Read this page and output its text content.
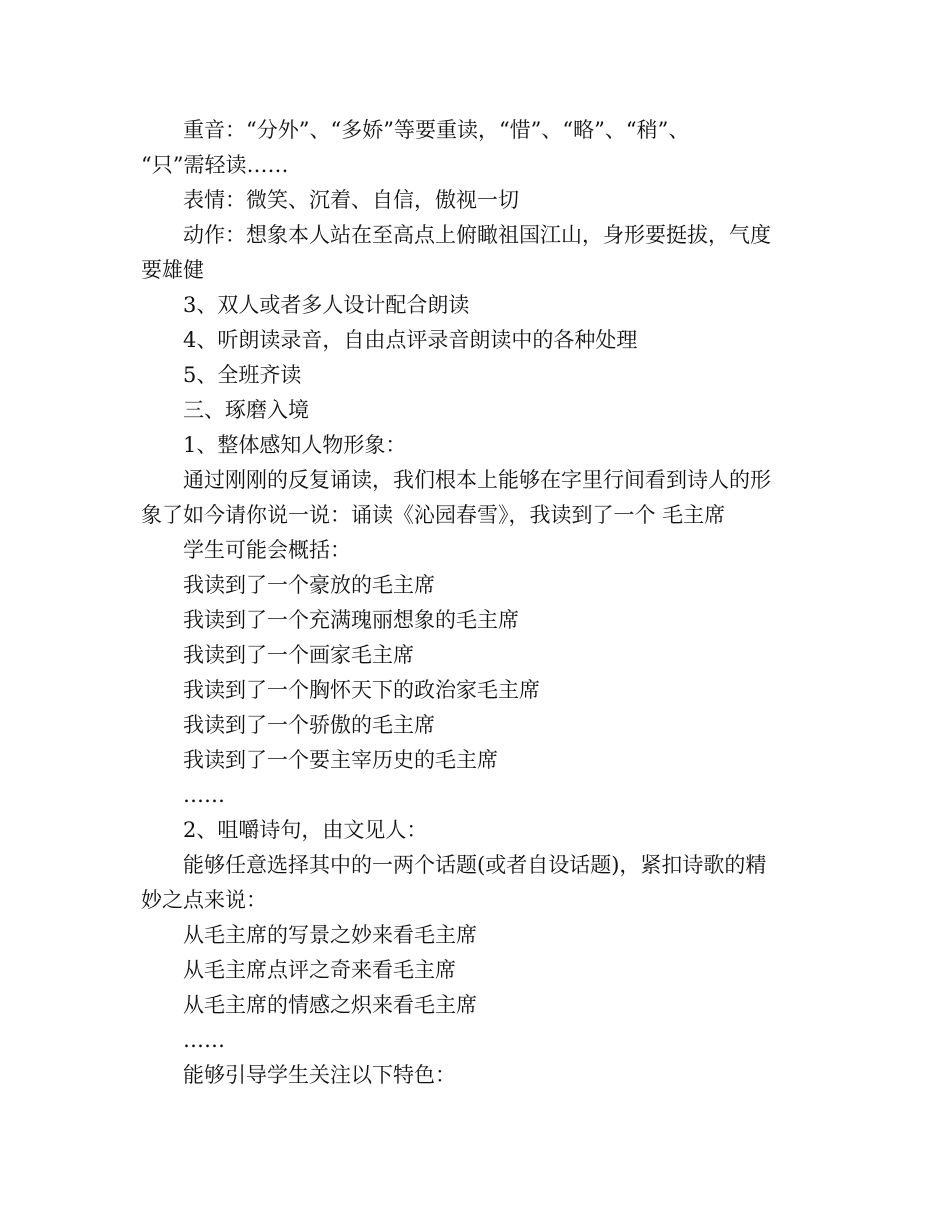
重音：“分外”、“多娇”等要重读，“惜”、“略”、“稍”、
“只”需轻读……
表情：微笑、沉着、自信，傲视一切
动作：想象本人站在至高点上俯瞰祖国江山，身形要挺拔，气度
要雄健
3、双人或者多人设计配合朗读
4、听朗读录音，自由点评录音朗读中的各种处理
5、全班齐读
三、琢磨入境
1、整体感知人物形象：
通过刚刚的反复诵读，我们根本上能够在字里行间看到诗人的形
象了如今请你说一说：诵读《沁园春雪》，我读到了一个 毛主席
学生可能会概括：
我读到了一个豪放的毛主席
我读到了一个充满瑰丽想象的毛主席
我读到了一个画家毛主席
我读到了一个胸怀天下的政治家毛主席
我读到了一个骄傲的毛主席
我读到了一个要主宰历史的毛主席
……
2、咀嚼诗句，由文见人：
能够任意选择其中的一两个话题(或者自设话题)，紧扣诗歌的精
妙之点来说：
从毛主席的写景之妙来看毛主席
从毛主席点评之奇来看毛主席
从毛主席的情感之炽来看毛主席
……
能够引导学生关注以下特色：
